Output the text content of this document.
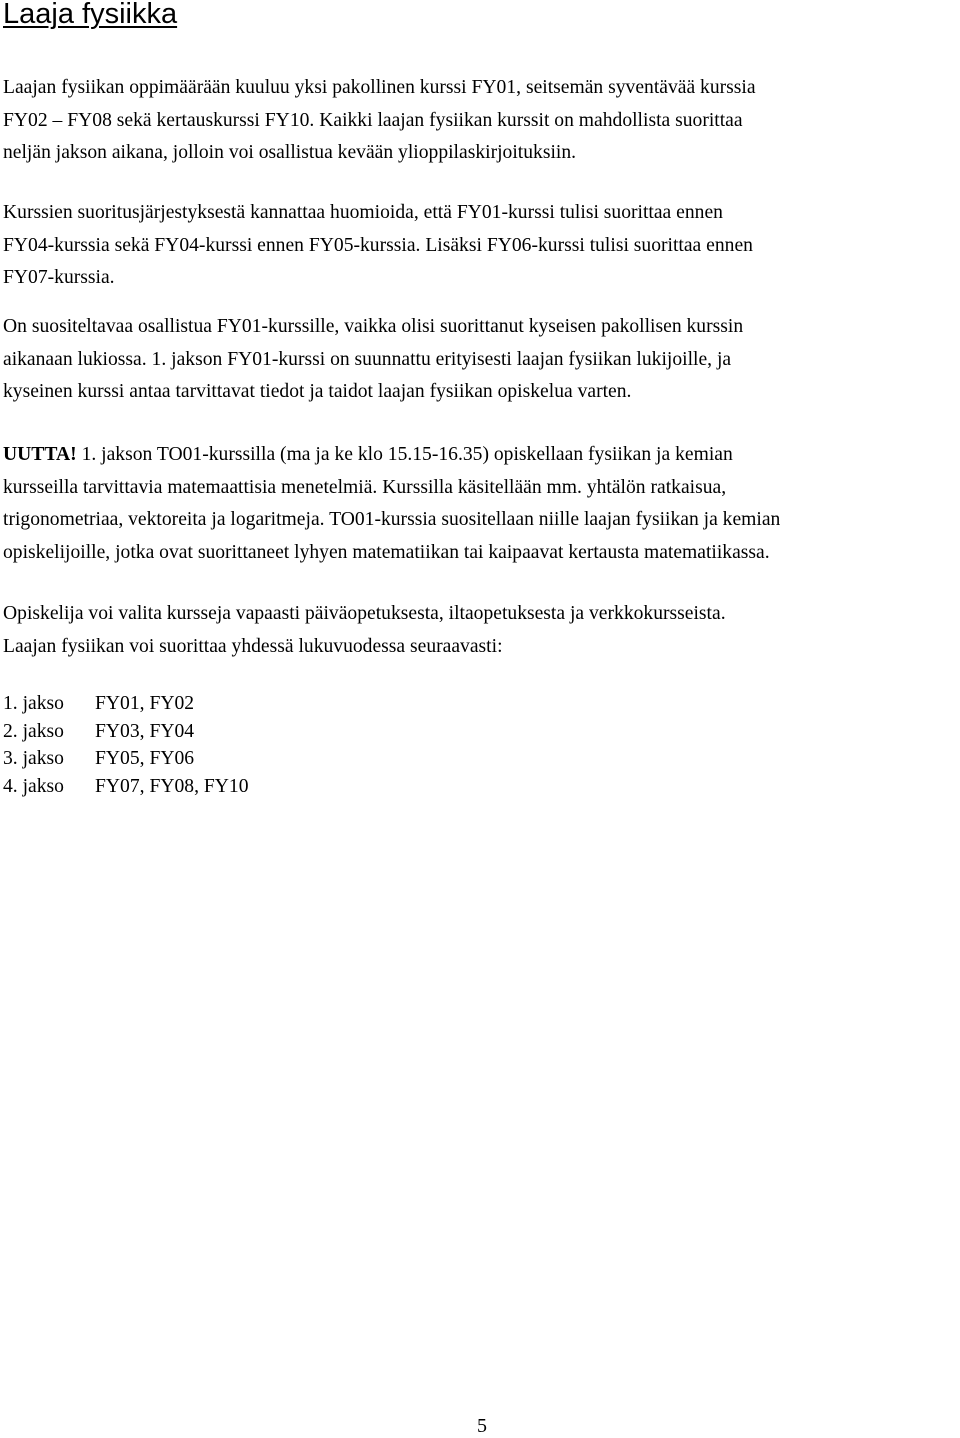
Laaja fysiikka

Laajan fysiikan oppimäärään kuuluu yksi pakollinen kurssi FY01, seitsemän syventävää kurssia
FY02 – FY08 sekä kertauskurssi FY10. Kaikki laajan fysiikan kurssit on mahdollista suorittaa
neljän jakson aikana, jolloin voi osallistua kevään ylioppilaskirjoituksiin.

Kurssien suoritusjärjestyksestä kannattaa huomioida, että FY01-kurssi tulisi suorittaa ennen
FY04-kurssia sekä FY04-kurssi ennen FY05-kurssia. Lisäksi FY06-kurssi tulisi suorittaa ennen
FY07-kurssia.

On suositeltavaa osallistua FY01-kurssille, vaikka olisi suorittanut kyseisen pakollisen kurssin
aikanaan lukiossa. 1. jakson FY01-kurssi on suunnattu erityisesti laajan fysiikan lukijoille, ja
kyseinen kurssi antaa tarvittavat tiedot ja taidot laajan fysiikan opiskelua varten.

UUTTA! 1. jakson TO01-kurssilla (ma ja ke klo 15.15-16.35) opiskellaan fysiikan ja kemian
kursseilla tarvittavia matemaattisia menetelmiä. Kurssilla käsitellään mm. yhtälön ratkaisua,
trigonometriaa, vektoreita ja logaritmeja. TO01-kurssia suositellaan niille laajan fysiikan ja kemian
opiskelijoille, jotka ovat suorittaneet lyhyen matematiikan tai kaipaavat kertausta matematiikassa.

Opiskelija voi valita kursseja vapaasti päiväopetuksesta, iltaopetuksesta ja verkkokursseista.
Laajan fysiikan voi suorittaa yhdessä lukuvuodessa seuraavasti:

1. jakso FY01, FY02
2. jakso FY03, FY04
3. jakso FY05, FY06
4. jakso FY07, FY08, FY10
5
